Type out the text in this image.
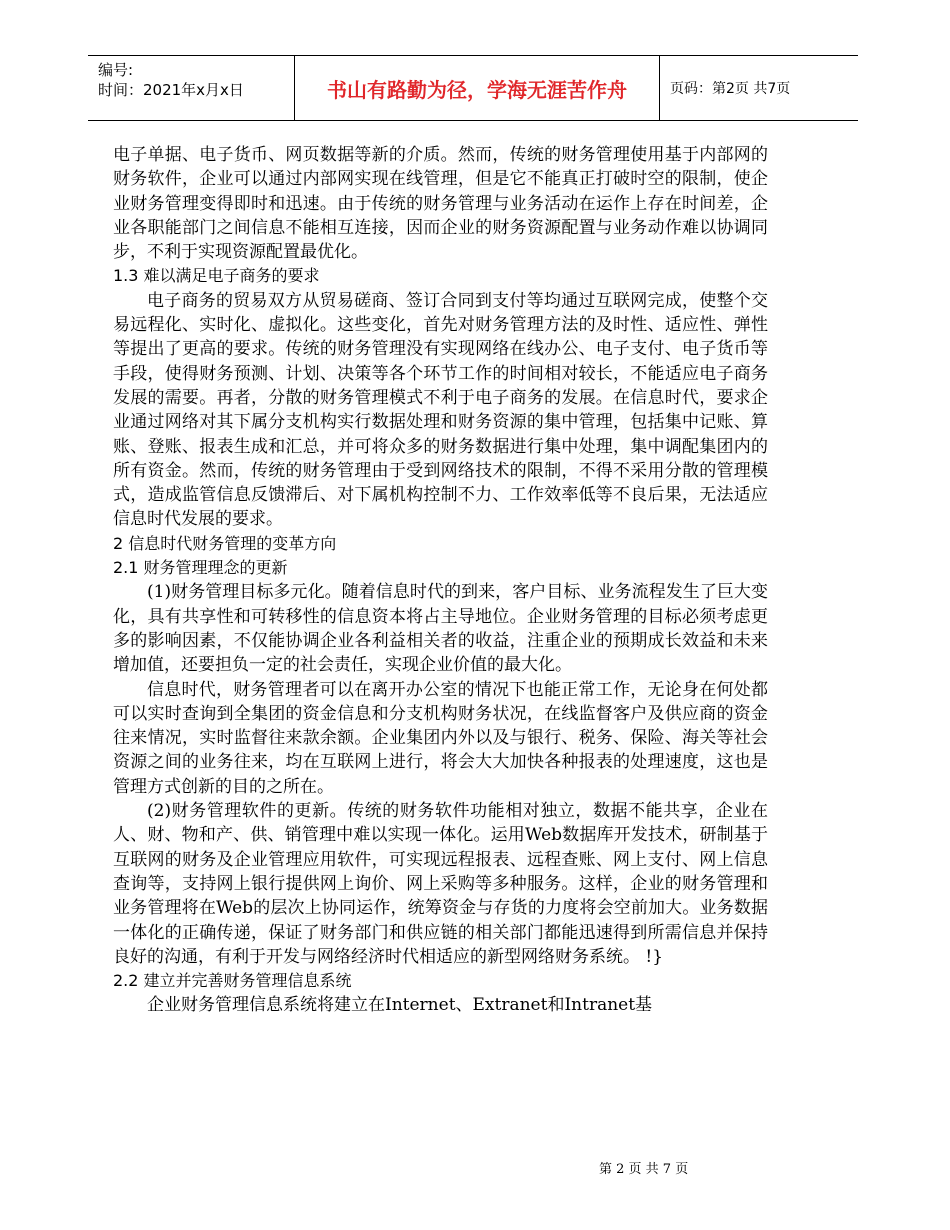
编号:
时间：2021年x月x日	书山有路勤为径，学海无涯苦作舟	页码：第2页 共7页

电子单据、电子货币、网页数据等新的介质。然而，传统的财务管理使用基于内部网的财务软件，企业可以通过内部网实现在线管理，但是它不能真正打破时空的限制，使企业财务管理变得即时和迅速。由于传统的财务管理与业务活动在运作上存在时间差，企业各职能部门之间信息不能相互连接，因而企业的财务资源配置与业务动作难以协调同步，不利于实现资源配置最优化。

1.3 难以满足电子商务的要求

电子商务的贸易双方从贸易磋商、签订合同到支付等均通过互联网完成，使整个交易远程化、实时化、虚拟化。这些变化，首先对财务管理方法的及时性、适应性、弹性等提出了更高的要求。传统的财务管理没有实现网络在线办公、电子支付、电子货币等手段，使得财务预测、计划、决策等各个环节工作的时间相对较长，不能适应电子商务发展的需要。再者，分散的财务管理模式不利于电子商务的发展。在信息时代，要求企业通过网络对其下属分支机构实行数据处理和财务资源的集中管理，包括集中记账、算账、登账、报表生成和汇总，并可将众多的财务数据进行集中处理，集中调配集团内的所有资金。然而，传统的财务管理由于受到网络技术的限制，不得不采用分散的管理模式，造成监管信息反馈滞后、对下属机构控制不力、工作效率低等不良后果，无法适应信息时代发展的要求。

2 信息时代财务管理的变革方向

2.1 财务管理理念的更新

(1)财务管理目标多元化。随着信息时代的到来，客户目标、业务流程发生了巨大变化，具有共享性和可转移性的信息资本将占主导地位。企业财务管理的目标必须考虑更多的影响因素，不仅能协调企业各利益相关者的收益，注重企业的预期成长效益和未来增加值，还要担负一定的社会责任，实现企业价值的最大化。

信息时代，财务管理者可以在离开办公室的情况下也能正常工作，无论身在何处都可以实时查询到全集团的资金信息和分支机构财务状况，在线监督客户及供应商的资金往来情况，实时监督往来款余额。企业集团内外以及与银行、税务、保险、海关等社会资源之间的业务往来，均在互联网上进行，将会大大加快各种报表的处理速度，这也是管理方式创新的目的之所在。

(2)财务管理软件的更新。传统的财务软件功能相对独立，数据不能共享，企业在人、财、物和产、供、销管理中难以实现一体化。运用Web数据库开发技术，研制基于互联网的财务及企业管理应用软件，可实现远程报表、远程查账、网上支付、网上信息查询等，支持网上银行提供网上询价、网上采购等多种服务。这样，企业的财务管理和业务管理将在Web的层次上协同运作，统筹资金与存货的力度将会空前加大。业务数据一体化的正确传递，保证了财务部门和供应链的相关部门都能迅速得到所需信息并保持良好的沟通，有利于开发与网络经济时代相适应的新型网络财务系统。 !}

2.2 建立并完善财务管理信息系统

企业财务管理信息系统将建立在Internet、Extranet和Intranet基

第 2 页 共 7 页
